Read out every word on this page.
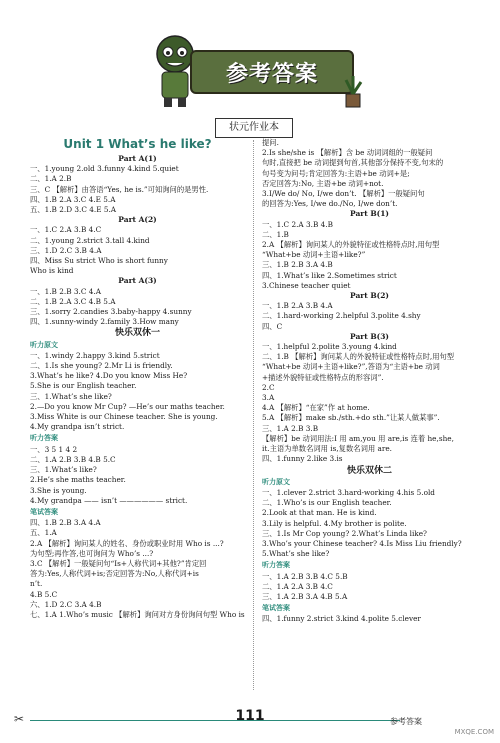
参考答案
状元作业本
Unit 1 What’s he like?
Part A(1)
一、1.young 2.old 3.funny 4.kind 5.quiet
二、1.A 2.B
三、C 【解析】由答语“Yes, he is.”可知询问的是男性.
四、1.B 2.A 3.C 4.E 5.A
五、1.B 2.D 3.C 4.E 5.A
Part A(2)
一、1.C 2.A 3.B 4.C
二、1.young 2.strict 3.tall 4.kind
三、1.D 2.C 3.B 4.A
四、Miss Su strict Who is short funny
Who is kind
Part A(3)
一、1.B 2.B 3.C 4.A
二、1.B 2.A 3.C 4.B 5.A
三、1.sorry 2.candies 3.baby-happy 4.sunny
四、1.sunny-windy 2.family 3.How many
快乐双休一
听力原文
一、1.windy 2.happy 3.kind 5.strict
二、1.Is she young? 2.Mr Li is friendly.
3.What’s he like? 4.Do you know Miss He?
5.She is our English teacher.
三、1.What’s she like?
2.—Do you know Mr Cup? —He’s our maths teacher.
3.Miss White is our Chinese teacher. She is young.
4.My grandpa isn’t strict.
听力答案
一、3 5 1 4 2
二、1.A 2.B 3.B 4.B 5.C
三、1.What’s like?
2.He’s she maths teacher.
3.She is young.
4.My grandpa —— isn’t —————— strict.
笔试答案
四、1.B 2.B 3.A 4.A
五、1.A
2.A 【解析】询问某人的姓名、身份或职业时用 Who is ...?
为句型;再作答,也可询问为 Who’s ...?
3.C 【解析】一般疑问句“Is+人称代词+其他?”肯定回
答为:Yes,人称代词+is;否定回答为:No,人称代词+is
n’t.
4.B 5.C
六、1.D 2.C 3.A 4.B
七、1.A 1.Who’s music 【解析】询问对方身份询问句型 Who is
提问.
2.Is she/she is 【解析】含 be 动词词组的一般疑问
句时,直接把 be 动词提到句首,其他部分保持不变,句末的
句号变为问号;肯定回答为:主语+be 动词+是;
否定回答为:No, 主语+be 动词+not.
3.I/We do/ No, I/we don’t. 【解析】一般疑问句
的回答为:Yes, I/we do./No, I/we don’t.
Part B(1)
一、1.C 2.A 3.B 4.B
二、1.B
2.A 【解析】询问某人的外貌特征或性格特点时,用句型
“What+be 动词+主语+like?”
三、1.B 2.B 3.A 4.B
四、1.What’s like 2.Sometimes strict
3.Chinese teacher quiet
Part B(2)
一、1.B 2.A 3.B 4.A
二、1.hard-working 2.helpful 3.polite 4.shy
四、C
Part B(3)
一、1.helpful 2.polite 3.young 4.kind
二、1.B 【解析】询问某人的外貌特征或性格特点时,用句型
“What+be 动词+主语+like?”,答语为“主语+be 动词
+描述外貌特征或性格特点的形容词”.
2.C
3.A
4.A 【解析】“在家”作 at home.
5.A 【解析】make sb./sth.+do sth.”让某人做某事”.
三、1.A 2.B 3.B
【解析】be 动词用法:I 用 am,you 用 are,is 连着 he,she,
it.主语为单数名词用 is,复数名词用 are.
四、1.funny 2.like 3.is
快乐双休二
听力原文
一、1.clever 2.strict 3.hard-working 4.his 5.old
二、1.Who’s is our English teacher.
2.Look at that man. He is kind.
3.Lily is helpful. 4.My brother is polite.
三、1.Is Mr Cop young? 2.What’s Linda like?
3.Who’s your Chinese teacher? 4.Is Miss Liu friendly?
5.What’s she like?
听力答案
一、1.A 2.B 3.B 4.C 5.B
二、1.A 2.A 3.B 4.C
三、1.A 2.B 3.A 4.B 5.A
笔试答案
四、1.funny 2.strict 3.kind 4.polite 5.clever
✂	111	参考答案
MXQE.COM
